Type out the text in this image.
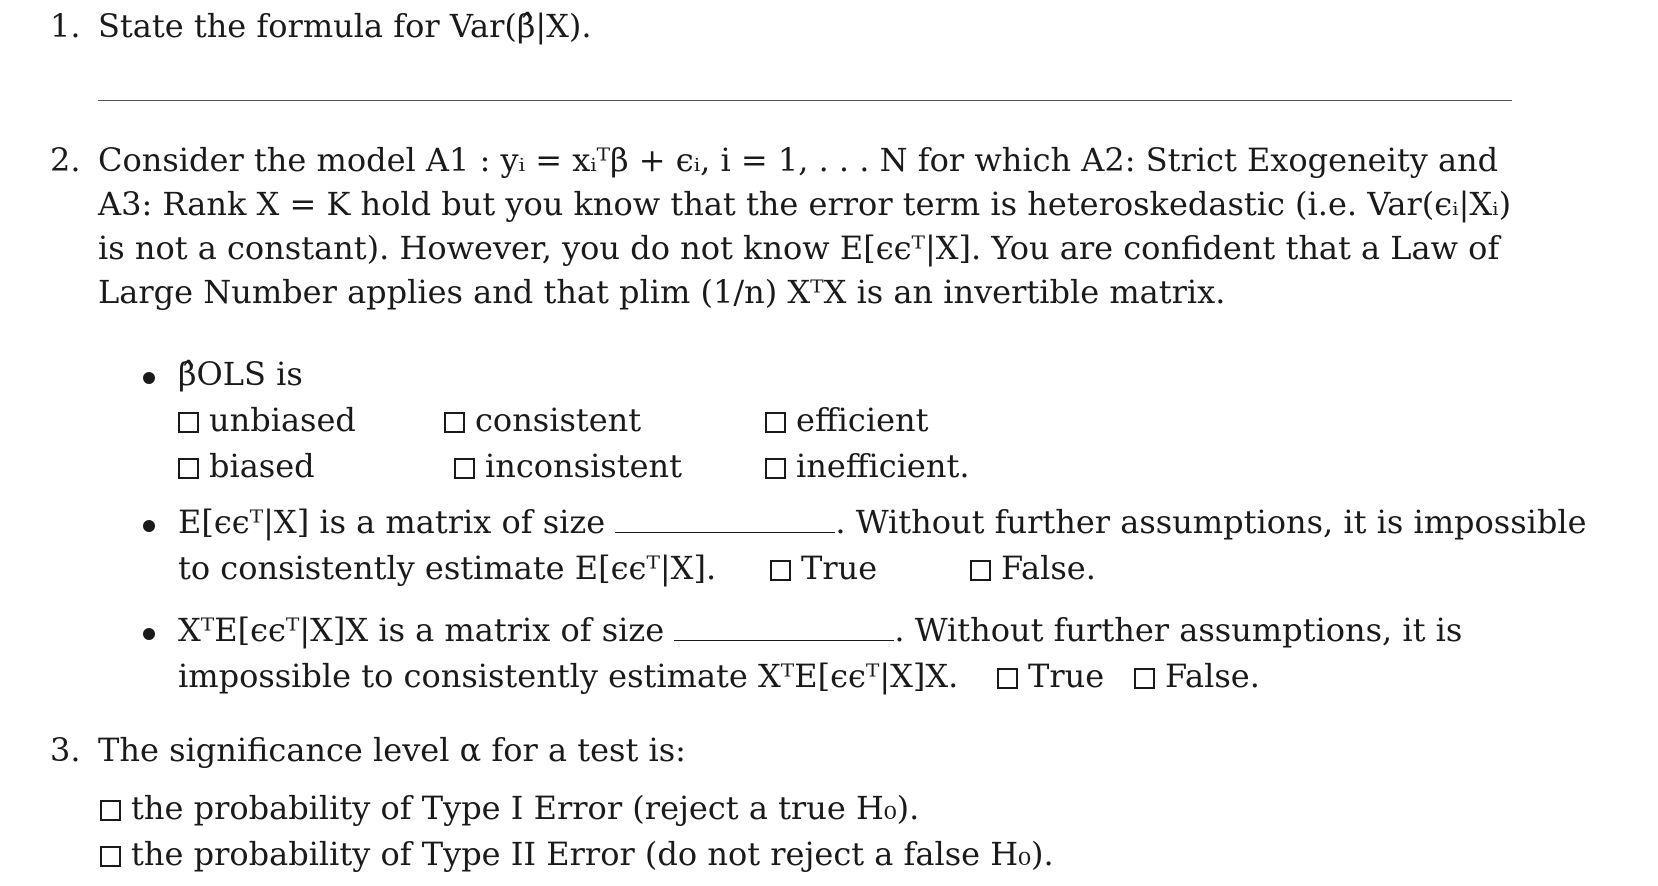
1. State the formula for Var(β̂|X).
2. Consider the model A1 : yᵢ = xᵢᵀβ + ϵᵢ, i = 1, . . . N for which A2: Strict Exogeneity and
A3: Rank X = K hold but you know that the error term is heteroskedastic (i.e. Var(ϵᵢ|Xᵢ)
is not a constant). However, you do not know E[ϵϵᵀ|X]. You are confident that a Law of
Large Number applies and that plim (1/n) XᵀX is an invertible matrix.
β̂OLS is
unbiased	consistent	efficient
biased	inconsistent	inefficient.
E[ϵϵᵀ|X] is a matrix of size	. Without further assumptions, it is impossible
to consistently estimate E[ϵϵᵀ|X].	True	False.
XᵀE[ϵϵᵀ|X]X is a matrix of size	. Without further assumptions, it is
impossible to consistently estimate XᵀE[ϵϵᵀ|X]X.	True	False.
3. The significance level α for a test is:
the probability of Type I Error (reject a true H₀).
the probability of Type II Error (do not reject a false H₀).
